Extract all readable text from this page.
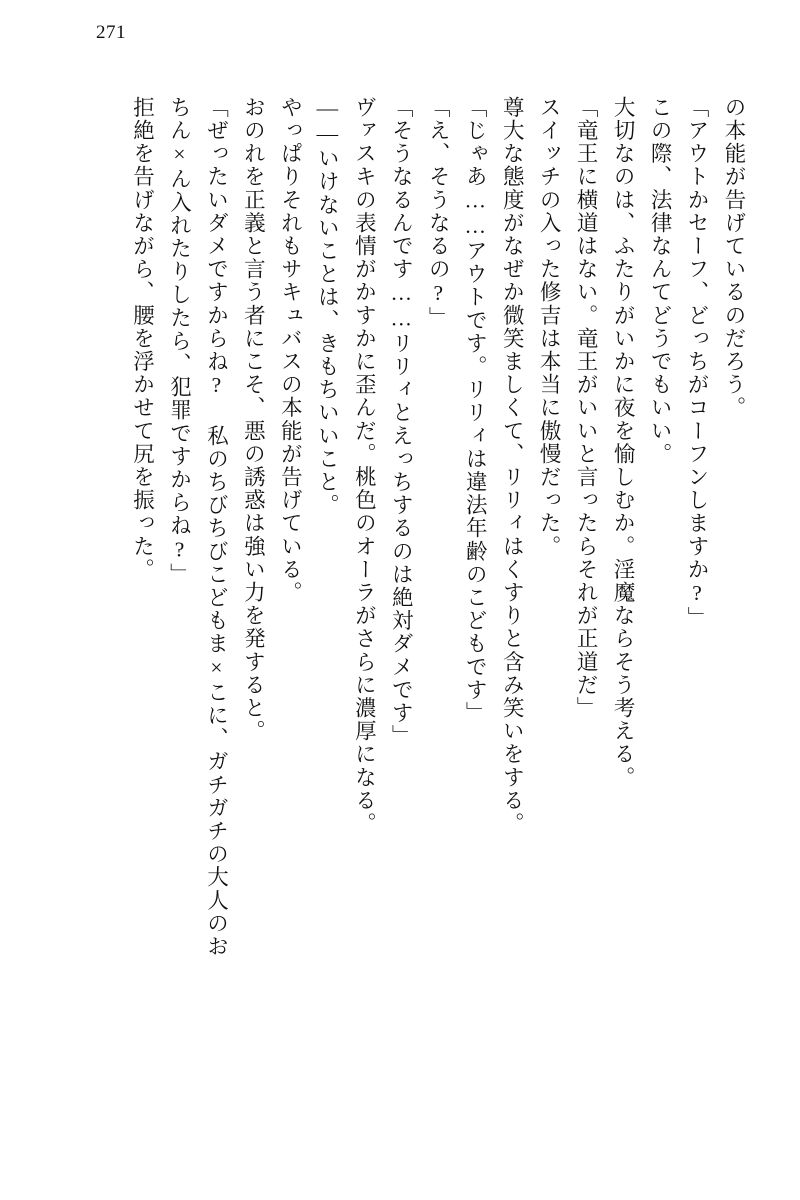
271

の本能が告げているのだろう。

「アウトかセーフ、どっちがコーフンしますか?」

この際、法律なんてどうでもいい。

大切なのは、ふたりがいかに夜を愉しむか。淫魔ならそう考える。

「竜王に横道はない。竜王がいいと言ったらそれが正道だ」

スイッチの入った修吉は本当に傲慢だった。

尊大な態度がなぜか微笑ましくて、リリィはくすりと含み笑いをする。

「じゃあ……アウトです。リリィは違法年齢のこどもです」

「え、そうなるの?」

「そうなるんです……リリィとえっちするのは絶対ダメです」

ヴァスキの表情がかすかに歪んだ。桃色のオーラがさらに濃厚になる。

――いけないことは、きもちいいこと。

やっぱりそれもサキュバスの本能が告げている。

おのれを正義と言う者にこそ、悪の誘惑は強い力を発すると。

「ぜったいダメですからね? 私のちびちびこどもま×こに、ガチガチの大人のお

ちん×ん入れたりしたら、犯罪ですからね?」

拒絶を告げながら、腰を浮かせて尻を振った。
